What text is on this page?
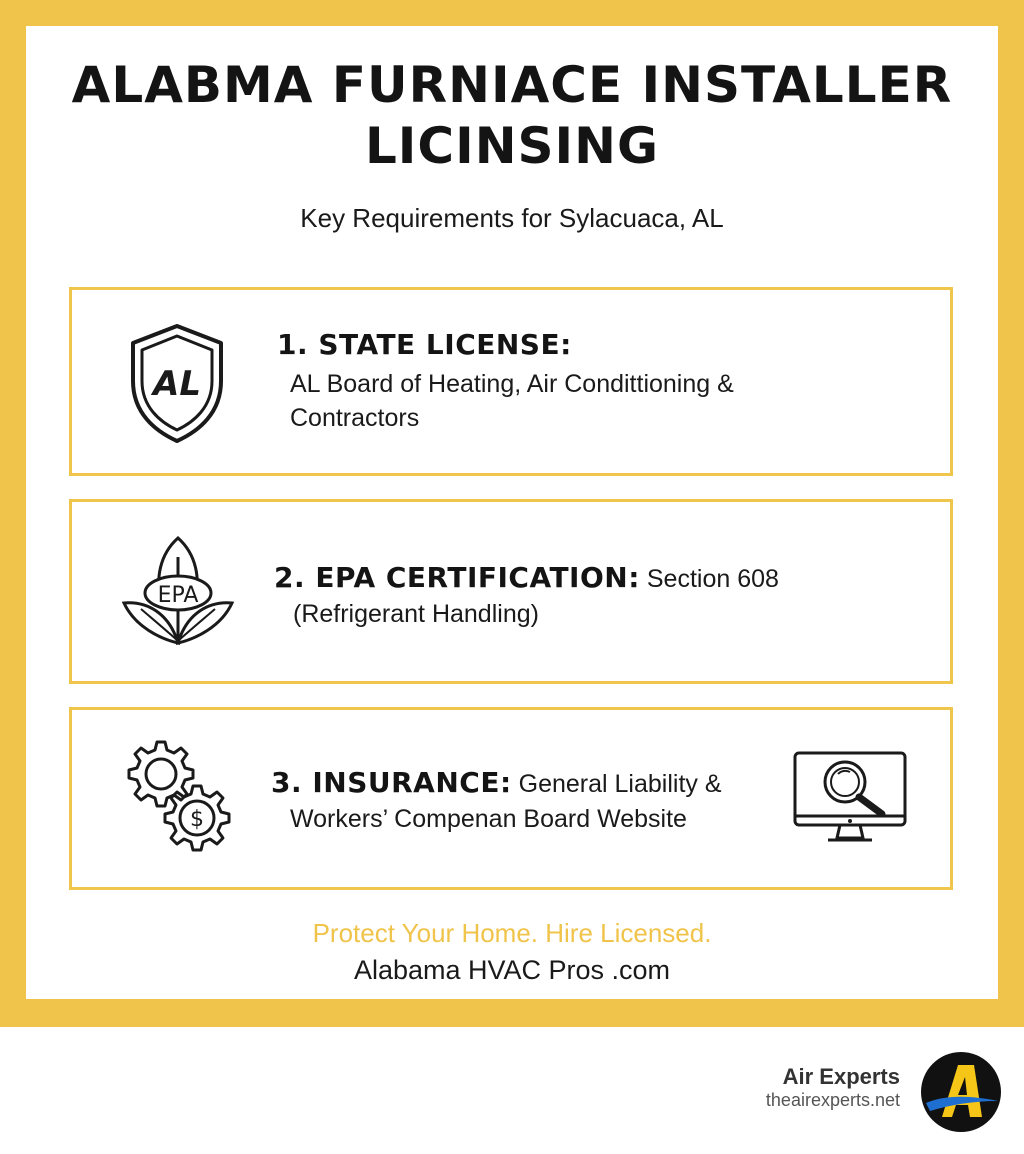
ALABMA FURNIACE INSTALLER
LICINSING
Key Requirements for Sylacuaca, AL
AL
1. STATE LICENSE:
AL Board of Heating, Air Condittioning &
Contractors
EPA
2. EPA CERTIFICATION: Section 608
(Refrigerant Handling)
$
3. INSURANCE: General Liability &
Workers’ Compenan Board Website
Protect Your Home. Hire Licensed.
Alabama HVAC Pros .com
Air Experts
theairexperts.net
